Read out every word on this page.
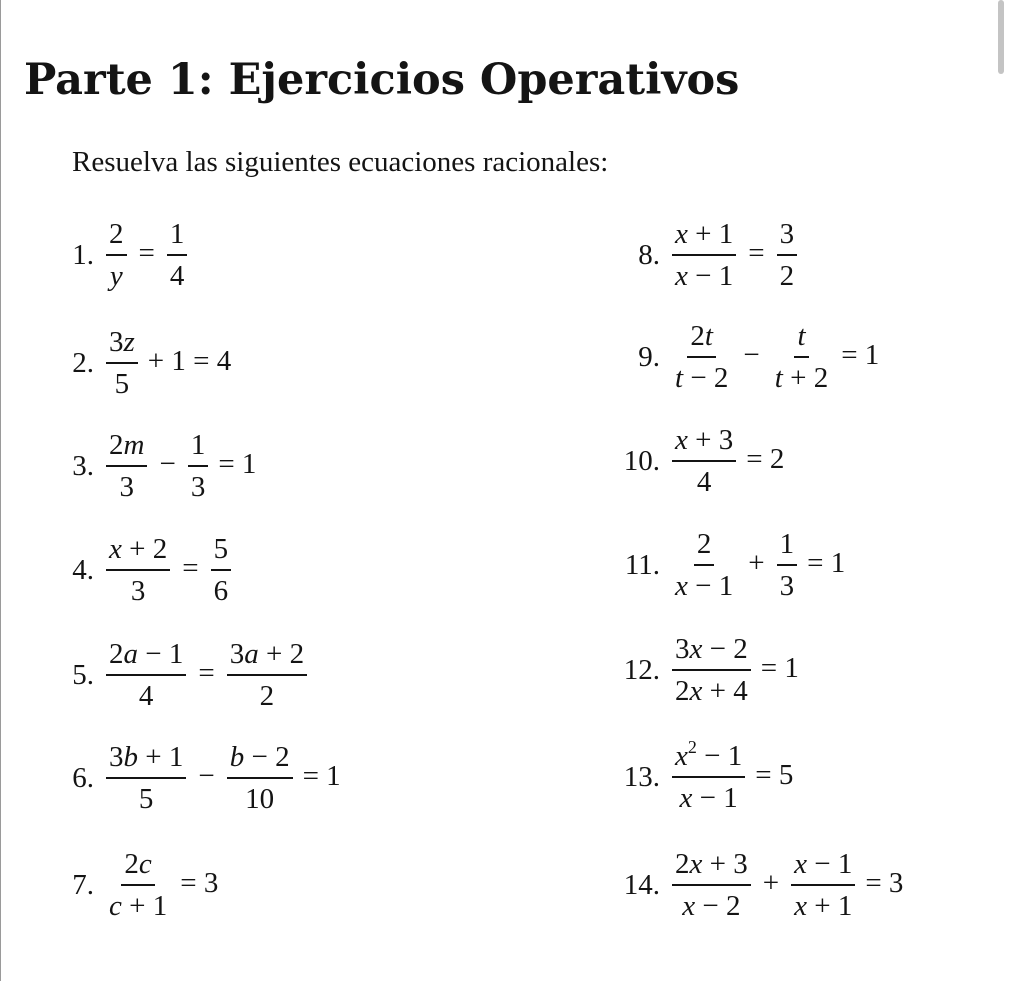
Parte 1: Ejercicios Operativos

Resuelva las siguientes ecuaciones racionales:

1. $\frac{2}{y} = \frac{1}{4}$
2. $\frac{3z}{5} + 1 = 4$
3. $\frac{2m}{3} - \frac{1}{3} = 1$
4. $\frac{x + 2}{3} = \frac{5}{6}$
5. $\frac{2a - 1}{4} = \frac{3a + 2}{2}$
6. $\frac{3b + 1}{5} - \frac{b - 2}{10} = 1$
7. $\frac{2c}{c + 1} = 3$
8. $\frac{x + 1}{x - 1} = \frac{3}{2}$
9. $\frac{2t}{t - 2} - \frac{t}{t + 2} = 1$
10. $\frac{x + 3}{4} = 2$
11. $\frac{2}{x - 1} + \frac{1}{3} = 1$
12. $\frac{3x - 2}{2x + 4} = 1$
13. $\frac{x^2 - 1}{x - 1} = 5$
14. $\frac{2x + 3}{x - 2} + \frac{x - 1}{x + 1} = 3$
